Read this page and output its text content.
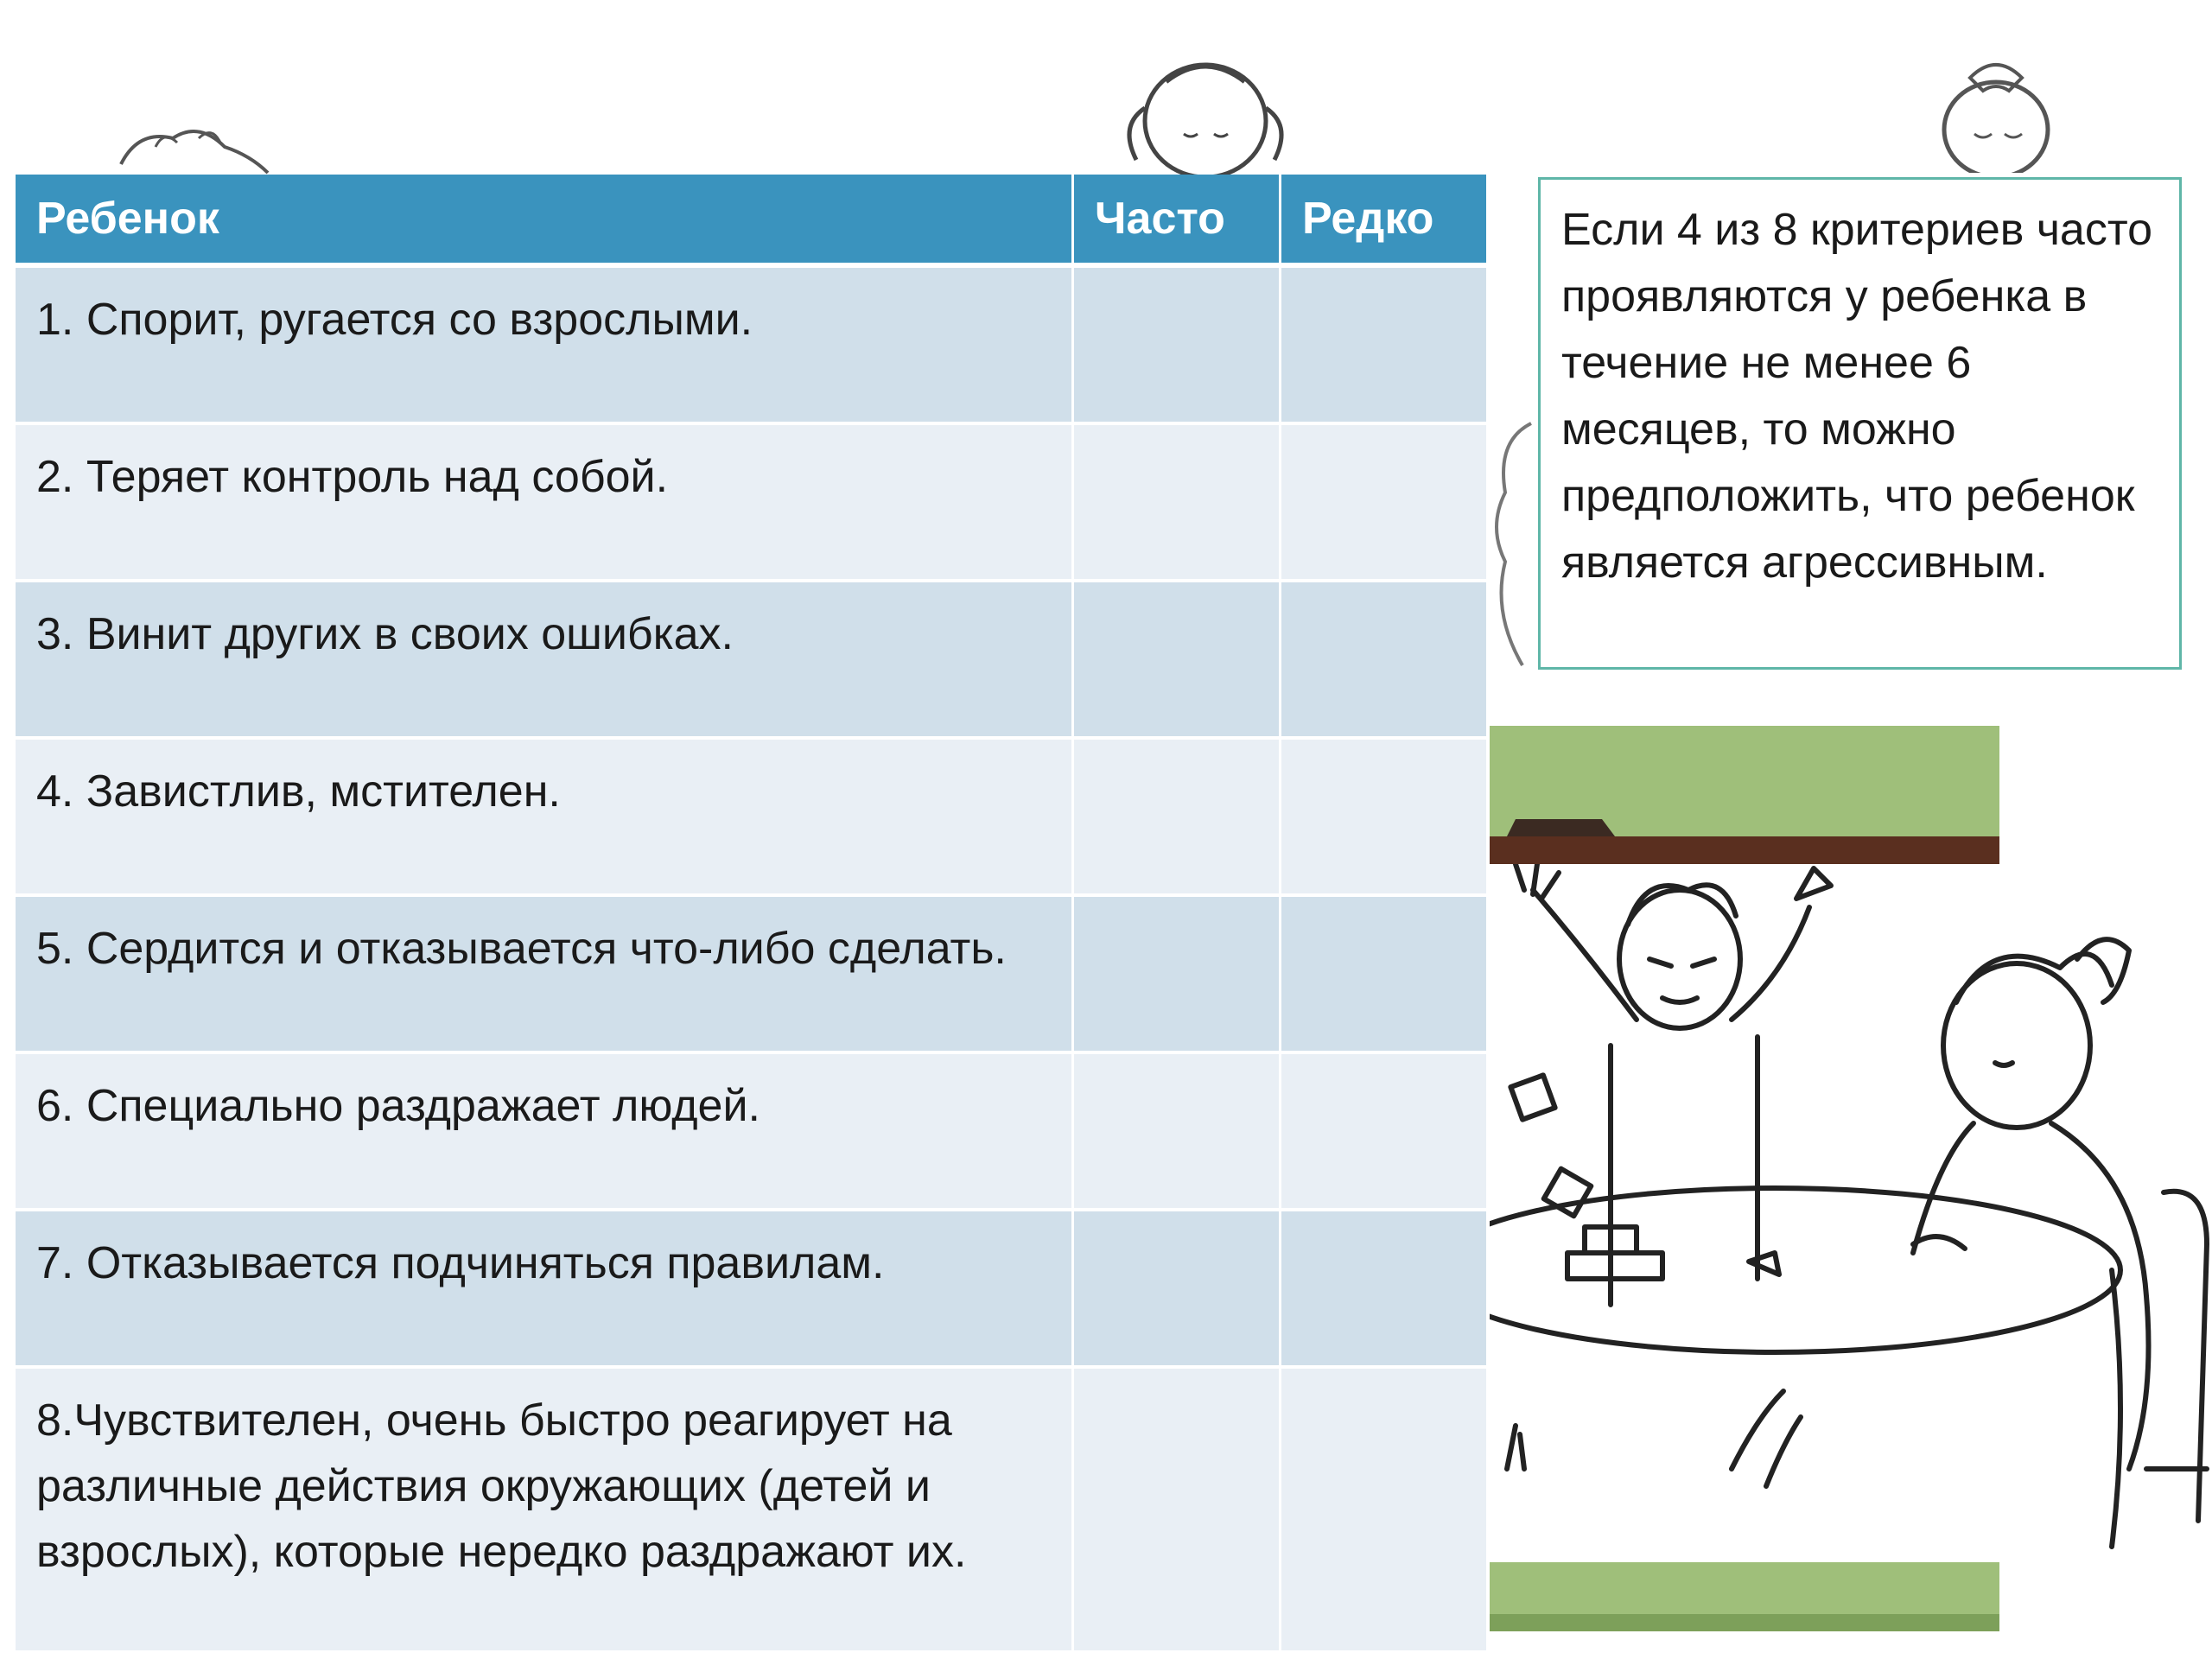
Ребенок	Часто	Редко
1. Спорит, ругается со взрослыми.		
2. Теряет контроль над собой.		
3. Винит других в своих ошибках.		
4. Завистлив, мстителен.		
5. Сердится и отказывается что-либо сделать.		
6. Специально раздражает людей.		
7. Отказывается подчиняться правилам.		
8.Чувствителен, очень быстро реагирует на различные действия окружающих (детей и взрослых), которые нередко раздражают их.		
Если 4 из 8 критериев часто проявляются у ребенка в течение не менее 6 месяцев, то можно предположить, что ребенок является агрессивным.
